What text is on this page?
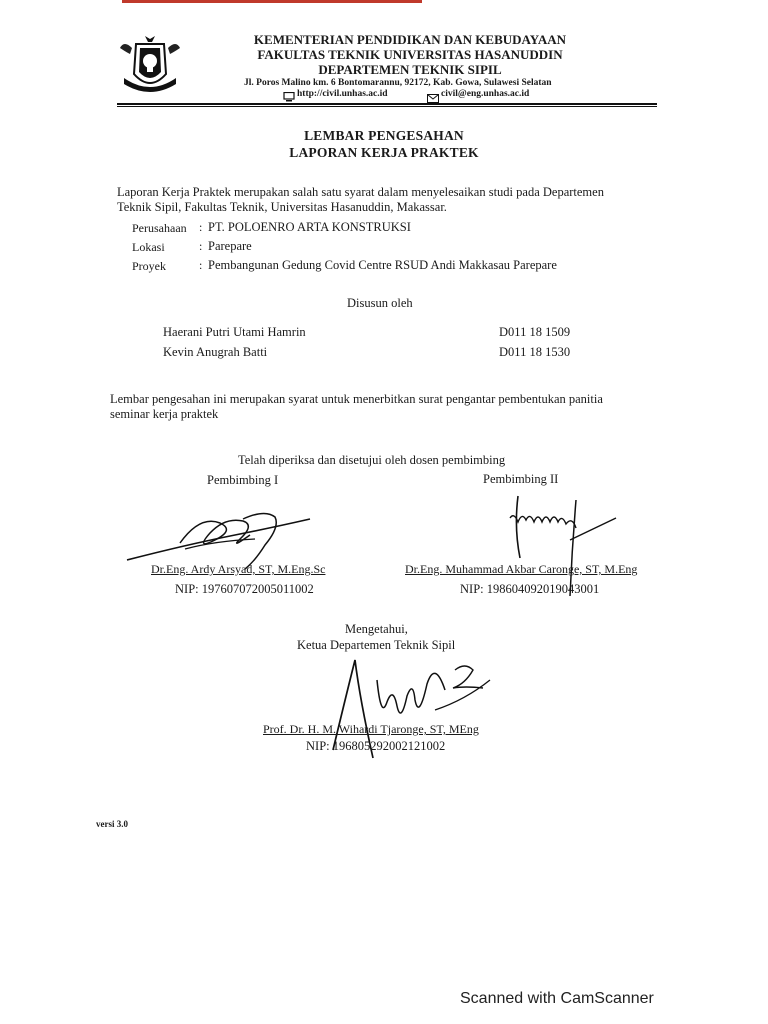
KEMENTERIAN PENDIDIKAN DAN KEBUDAYAAN
FAKULTAS TEKNIK UNIVERSITAS HASANUDDIN
DEPARTEMEN TEKNIK SIPIL
Jl. Poros Malino km. 6 Bontomarannu, 92172, Kab. Gowa, Sulawesi Selatan
http://civil.unhas.ac.id	civil@eng.unhas.ac.id
LEMBAR PENGESAHAN
LAPORAN KERJA PRAKTEK
Laporan Kerja Praktek merupakan salah satu syarat dalam menyelesaikan studi pada Departemen
Teknik Sipil, Fakultas Teknik, Universitas Hasanuddin, Makassar.
Perusahaan : PT. POLOENRO ARTA KONSTRUKSI
Lokasi	: Parepare
Proyek	: Pembangunan Gedung Covid Centre RSUD Andi Makkasau Parepare
Disusun oleh
Haerani Putri Utami Hamrin	D011 18 1509
Kevin Anugrah Batti	D011 18 1530
Lembar pengesahan ini merupakan syarat untuk menerbitkan surat pengantar pembentukan panitia
seminar kerja praktek
Telah diperiksa dan disetujui oleh dosen pembimbing
Pembimbing I	Pembimbing II
Dr.Eng. Ardy Arsyad, ST, M.Eng.Sc
NIP: 197607072005011002
Dr.Eng. Muhammad Akbar Caronge, ST, M.Eng
NIP: 198604092019043001
Mengetahui,
Ketua Departemen Teknik Sipil
Prof. Dr. H. M. Wihardi Tjaronge, ST, MEng
NIP: 196805292002121002
versi 3.0
Scanned with CamScanner
